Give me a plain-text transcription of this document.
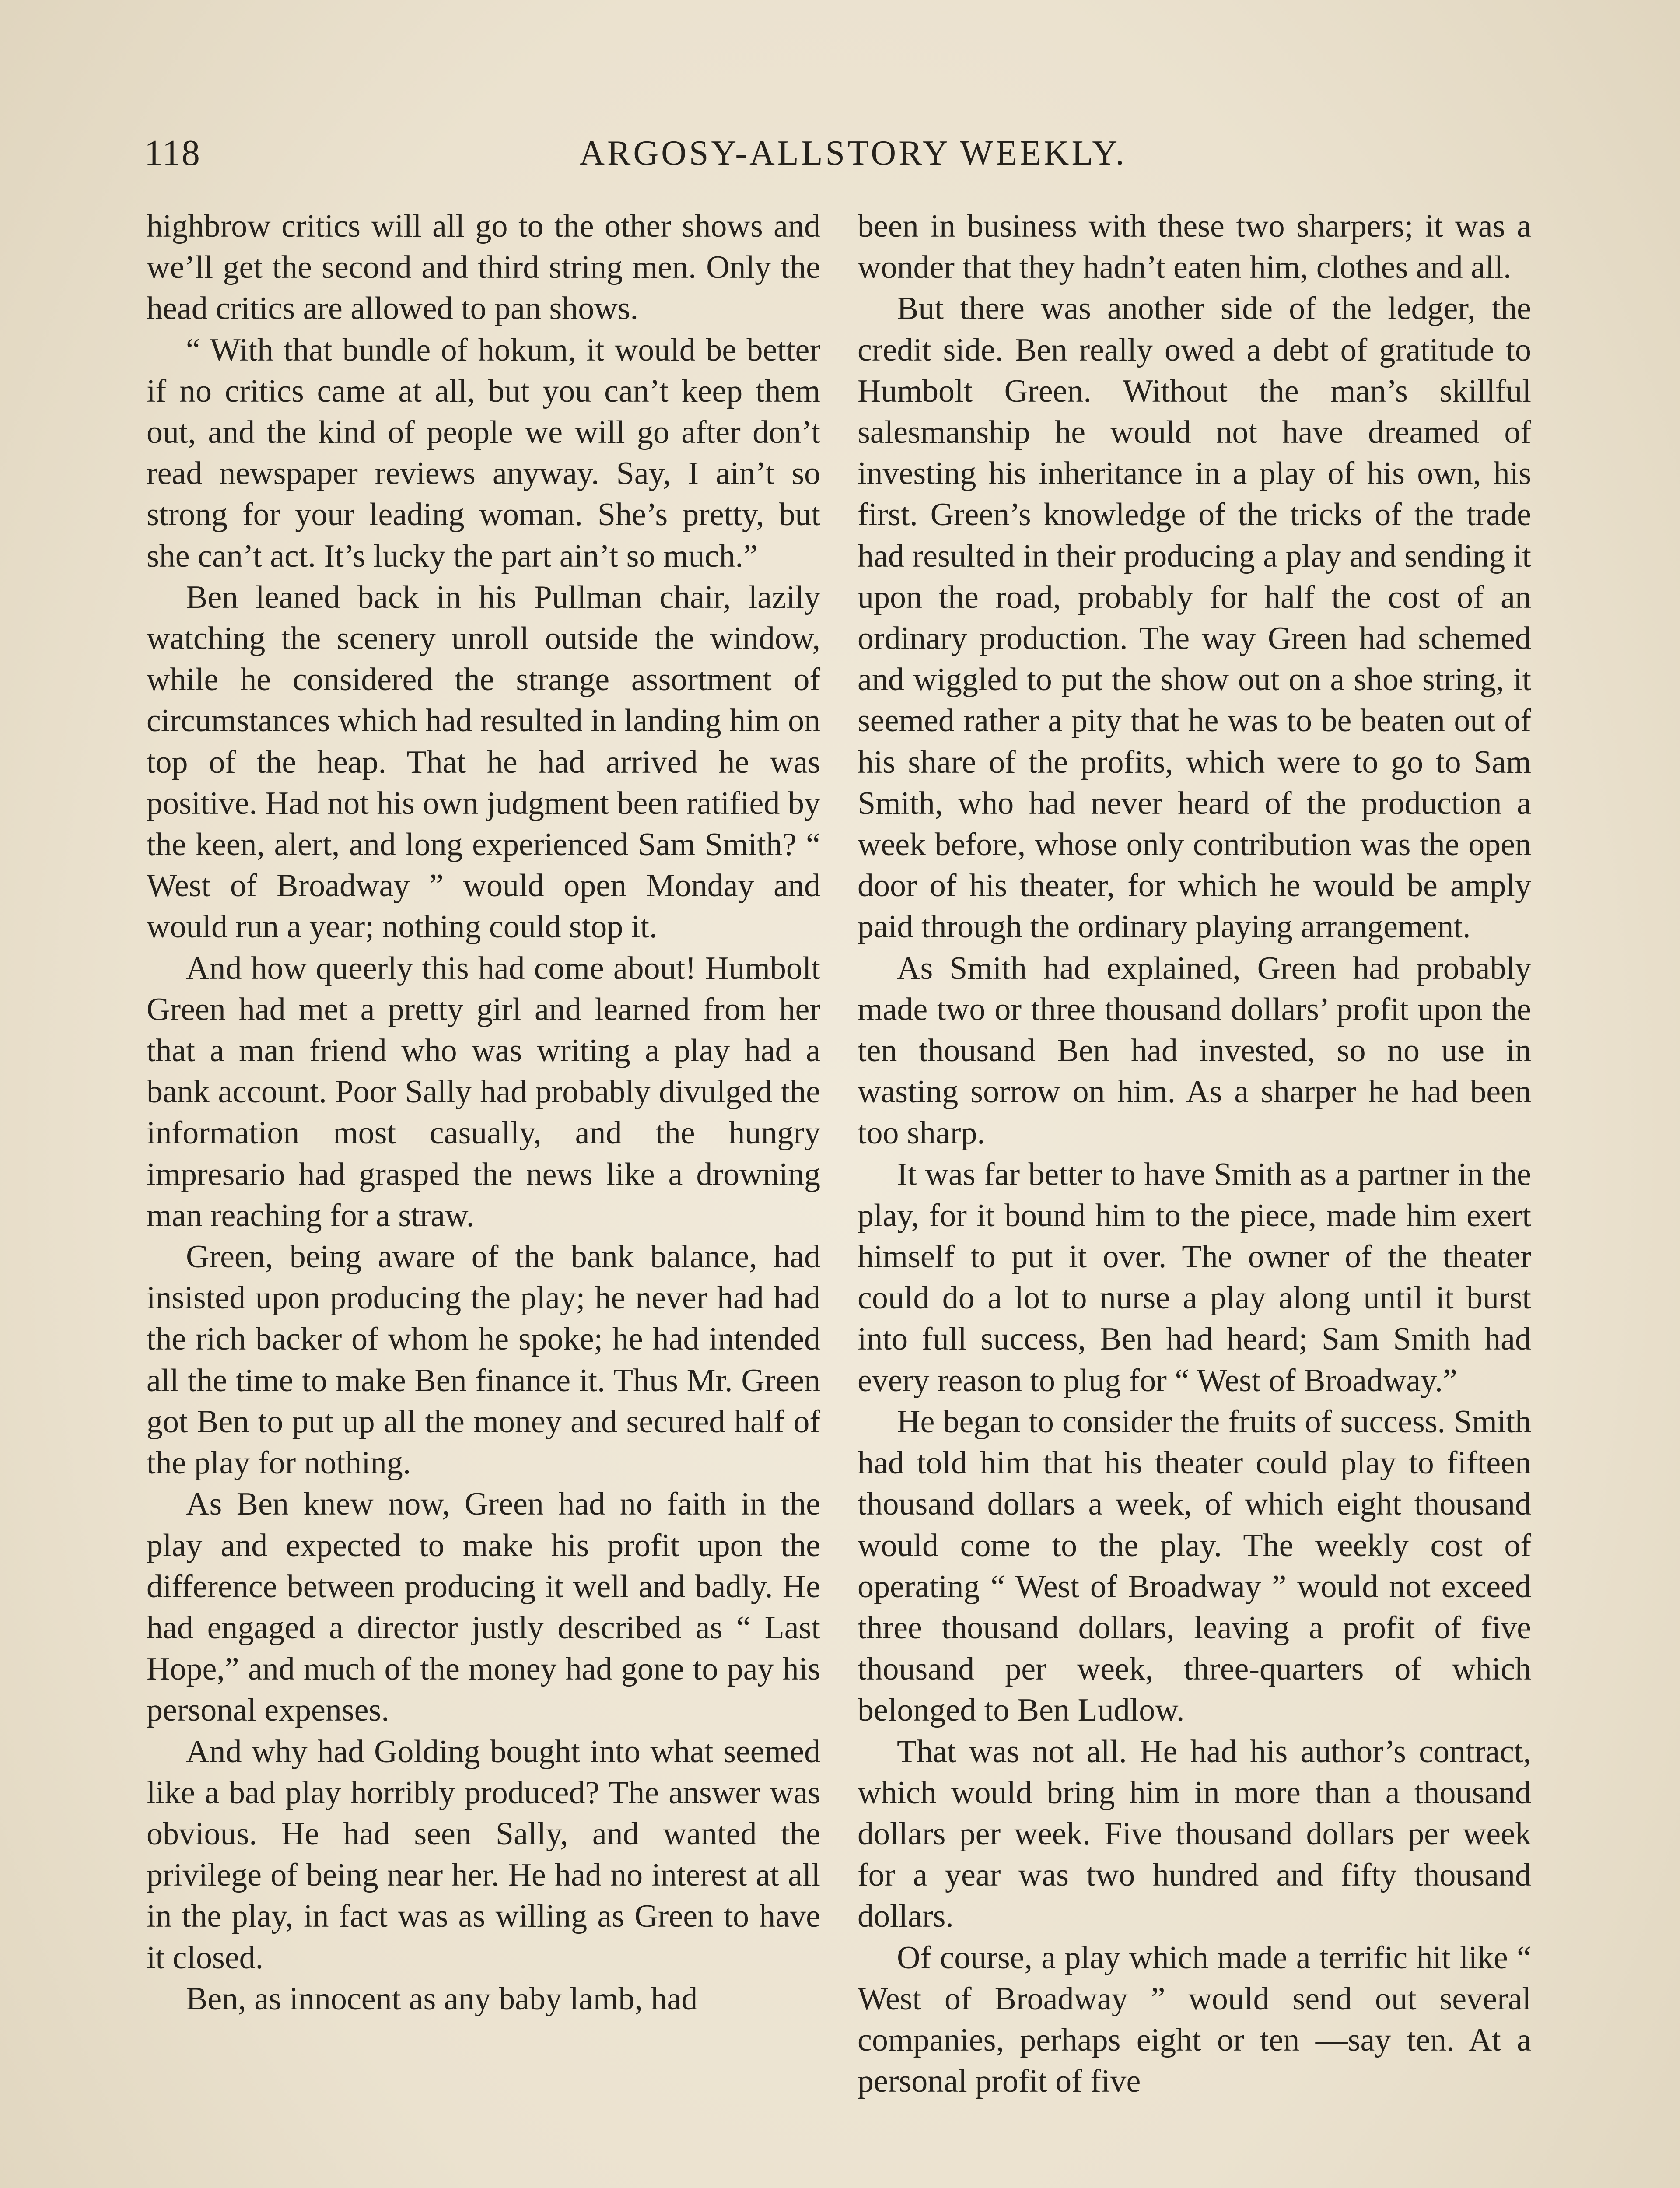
118	ARGOSY-ALLSTORY WEEKLY.

highbrow critics will all go to the other shows and we’ll get the second and third string men. Only the head critics are allowed to pan shows.

“ With that bundle of hokum, it would be better if no critics came at all, but you can’t keep them out, and the kind of people we will go after don’t read newspaper reviews anyway. Say, I ain’t so strong for your leading woman. She’s pretty, but she can’t act. It’s lucky the part ain’t so much.”

Ben leaned back in his Pullman chair, lazily watching the scenery unroll outside the window, while he considered the strange assortment of circumstances which had resulted in landing him on top of the heap. That he had arrived he was positive. Had not his own judgment been ratified by the keen, alert, and long experienced Sam Smith? “ West of Broadway ” would open Monday and would run a year; nothing could stop it.

And how queerly this had come about! Humbolt Green had met a pretty girl and learned from her that a man friend who was writing a play had a bank account. Poor Sally had probably divulged the information most casually, and the hungry impresario had grasped the news like a drowning man reaching for a straw.

Green, being aware of the bank balance, had insisted upon producing the play; he never had had the rich backer of whom he spoke; he had intended all the time to make Ben finance it. Thus Mr. Green got Ben to put up all the money and secured half of the play for nothing.

As Ben knew now, Green had no faith in the play and expected to make his profit upon the difference between producing it well and badly. He had engaged a director justly described as “ Last Hope,” and much of the money had gone to pay his personal expenses.

And why had Golding bought into what seemed like a bad play horribly produced? The answer was obvious. He had seen Sally, and wanted the privilege of being near her. He had no interest at all in the play, in fact was as willing as Green to have it closed.

Ben, as innocent as any baby lamb, had

been in business with these two sharpers; it was a wonder that they hadn’t eaten him, clothes and all.

But there was another side of the ledger, the credit side. Ben really owed a debt of gratitude to Humbolt Green. Without the man’s skillful salesmanship he would not have dreamed of investing his inheritance in a play of his own, his first. Green’s knowledge of the tricks of the trade had resulted in their producing a play and sending it upon the road, probably for half the cost of an ordinary production. The way Green had schemed and wiggled to put the show out on a shoe string, it seemed rather a pity that he was to be beaten out of his share of the profits, which were to go to Sam Smith, who had never heard of the production a week before, whose only contribution was the open door of his theater, for which he would be amply paid through the ordinary playing arrangement.

As Smith had explained, Green had probably made two or three thousand dollars’ profit upon the ten thousand Ben had invested, so no use in wasting sorrow on him. As a sharper he had been too sharp.

It was far better to have Smith as a partner in the play, for it bound him to the piece, made him exert himself to put it over. The owner of the theater could do a lot to nurse a play along until it burst into full success, Ben had heard; Sam Smith had every reason to plug for “ West of Broadway.”

He began to consider the fruits of success. Smith had told him that his theater could play to fifteen thousand dollars a week, of which eight thousand would come to the play. The weekly cost of operating “ West of Broadway ” would not exceed three thousand dollars, leaving a profit of five thousand per week, three-quarters of which belonged to Ben Ludlow.

That was not all. He had his author’s contract, which would bring him in more than a thousand dollars per week. Five thousand dollars per week for a year was two hundred and fifty thousand dollars.

Of course, a play which made a terrific hit like “ West of Broadway ” would send out several companies, perhaps eight or ten —say ten. At a personal profit of five
